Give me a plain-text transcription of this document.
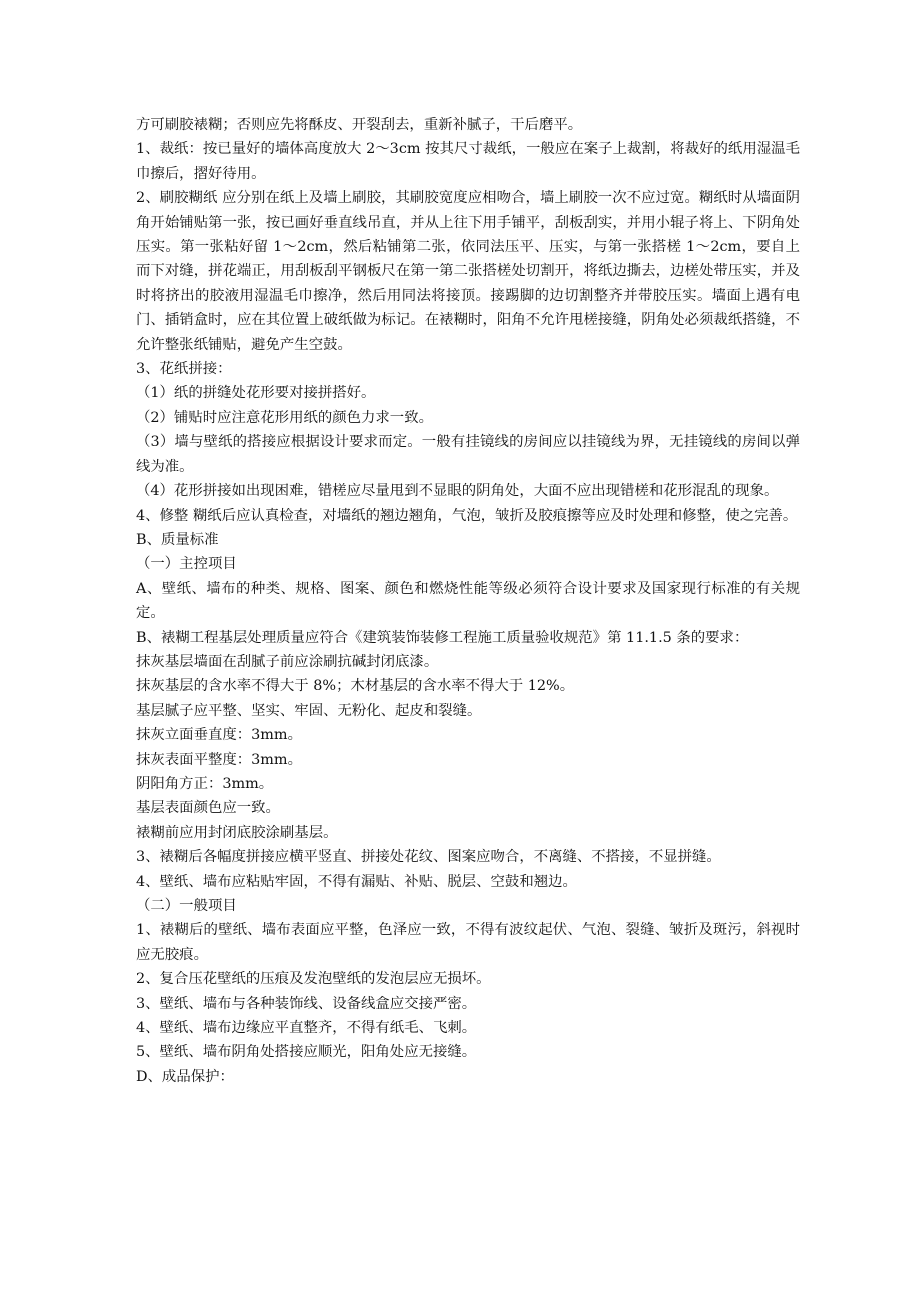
方可刷胶裱糊；否则应先将酥皮、开裂刮去，重新补腻子，干后磨平。

1、裁纸：按已量好的墙体高度放大 2～3cm 按其尺寸裁纸，一般应在案子上裁割，将裁好的纸用湿温毛巾擦后，摺好待用。

2、刷胶糊纸 应分别在纸上及墙上刷胶，其刷胶宽度应相吻合，墙上刷胶一次不应过宽。糊纸时从墙面阴角开始铺贴第一张，按已画好垂直线吊直，并从上往下用手铺平，刮板刮实，并用小辊子将上、下阴角处压实。第一张粘好留 1～2cm，然后粘铺第二张，依同法压平、压实，与第一张搭槎 1～2cm，要自上而下对缝，拼花端正，用刮板刮平钢板尺在第一第二张搭槎处切割开，将纸边撕去，边槎处带压实，并及时将挤出的胶液用湿温毛巾擦净，然后用同法将接顶。接踢脚的边切割整齐并带胶压实。墙面上遇有电门、插销盒时，应在其位置上破纸做为标记。在裱糊时，阳角不允许甩槎接缝，阴角处必须裁纸搭缝，不允许整张纸铺贴，避免产生空鼓。

3、花纸拼接：

（1）纸的拼缝处花形要对接拼搭好。

（2）铺贴时应注意花形用纸的颜色力求一致。

（3）墙与壁纸的搭接应根据设计要求而定。一般有挂镜线的房间应以挂镜线为界，无挂镜线的房间以弹线为准。

（4）花形拼接如出现困难，错槎应尽量甩到不显眼的阴角处，大面不应出现错槎和花形混乱的现象。

4、修整 糊纸后应认真检查，对墙纸的翘边翘角，气泡，皱折及胶痕擦等应及时处理和修整，使之完善。

B、质量标准

（一）主控项目

A、壁纸、墙布的种类、规格、图案、颜色和燃烧性能等级必须符合设计要求及国家现行标准的有关规定。

B、裱糊工程基层处理质量应符合《建筑装饰装修工程施工质量验收规范》第 11.1.5 条的要求：

抹灰基层墙面在刮腻子前应涂刷抗碱封闭底漆。

抹灰基层的含水率不得大于 8%；木材基层的含水率不得大于 12%。

基层腻子应平整、坚实、牢固、无粉化、起皮和裂缝。

抹灰立面垂直度：3mm。

抹灰表面平整度：3mm。

阴阳角方正：3mm。

基层表面颜色应一致。

裱糊前应用封闭底胶涂刷基层。

3、裱糊后各幅度拼接应横平竖直、拼接处花纹、图案应吻合，不离缝、不搭接，不显拼缝。

4、壁纸、墙布应粘贴牢固，不得有漏贴、补贴、脱层、空鼓和翘边。

（二）一般项目

1、裱糊后的壁纸、墙布表面应平整，色泽应一致，不得有波纹起伏、气泡、裂缝、皱折及斑污，斜视时应无胶痕。

2、复合压花壁纸的压痕及发泡壁纸的发泡层应无损坏。

3、壁纸、墙布与各种装饰线、设备线盒应交接严密。

4、壁纸、墙布边缘应平直整齐，不得有纸毛、飞刺。

5、壁纸、墙布阴角处搭接应顺光，阳角处应无接缝。

D、成品保护：
